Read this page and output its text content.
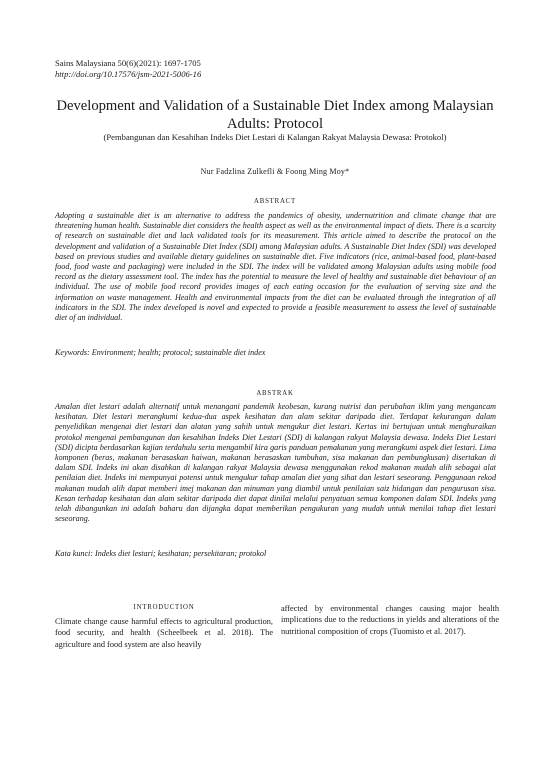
Sains Malaysiana 50(6)(2021): 1697-1705
http://doi.org/10.17576/jsm-2021-5006-16
Development and Validation of a Sustainable Diet Index among Malaysian Adults: Protocol
(Pembangunan dan Kesahihan Indeks Diet Lestari di Kalangan Rakyat Malaysia Dewasa: Protokol)
Nur Fadzlina Zulkefli & Foong Ming Moy*
ABSTRACT
Adopting a sustainable diet is an alternative to address the pandemics of obesity, undernutrition and climate change that are threatening human health. Sustainable diet considers the health aspect as well as the environmental impact of diets. There is a scarcity of research on sustainable diet and lack validated tools for its measurement. This article aimed to describe the protocol on the development and validation of a Sustainable Diet Index (SDI) among Malaysian adults. A Sustainable Diet Index (SDI) was developed based on previous studies and available dietary guidelines on sustainable diet. Five indicators (rice, animal-based food, plant-based food, food waste and packaging) were included in the SDI. The index will be validated among Malaysian adults using mobile food record as the dietary assessment tool. The index has the potential to measure the level of healthy and sustainable diet behaviour of an individual. The use of mobile food record provides images of each eating occasion for the evaluation of serving size and the information on waste management. Health and environmental impacts from the diet can be evaluated through the integration of all indicators in the SDI. The index developed is novel and expected to provide a feasible measurement to assess the level of sustainable diet of an individual.
Keywords: Environment; health; protocol; sustainable diet index
ABSTRAK
Amalan diet lestari adalah alternatif untuk menangani pandemik keobesan, kurang nutrisi dan perubahan iklim yang mengancam kesihatan. Diet lestari merangkumi kedua-dua aspek kesihatan dan alam sekitar daripada diet. Terdapat kekurangan dalam penyelidikan mengenai diet lestari dan alatan yang sahih untuk mengukur diet lestari. Kertas ini bertujuan untuk menghuraikan protokol mengenai pembangunan dan kesahihan Indeks Diet Lestari (SDI) di kalangan rakyat Malaysia dewasa. Indeks Diet Lestari (SDI) dicipta berdasarkan kajian terdahulu serta mengambil kira garis panduan pemakanan yang merangkumi aspek diet lestari. Lima komponen (beras, makanan berasaskan haiwan, makanan berasaskan tumbuhan, sisa makanan dan pembungkusan) disertakan di dalam SDI. Indeks ini akan disahkan di kalangan rakyat Malaysia dewasa menggunakan rekod makanan mudah alih sebagai alat penilaian diet. Indeks ini mempunyai potensi untuk mengukur tahap amalan diet yang sihat dan lestari seseorang. Penggunaan rekod makanan mudah alih dapat memberi imej makanan dan minuman yang diambil untuk penilaian saiz hidangan dan pengurusan sisa. Kesan terhadap kesihatan dan alam sekitar daripada diet dapat dinilai melalui penyatuan semua komponen dalam SDI. Indeks yang telah dibangunkan ini adalah baharu dan dijangka dapat memberikan pengukuran yang mudah untuk menilai tahap diet lestari seseorang.
Kata kunci: Indeks diet lestari; kesihatan; persekitaran; protokol
INTRODUCTION
Climate change cause harmful effects to agricultural production, food security, and health (Scheelbeek et al. 2018). The agriculture and food system are also heavily
affected by environmental changes causing major health implications due to the reductions in yields and alterations of the nutritional composition of crops (Tuomisto et al. 2017).
